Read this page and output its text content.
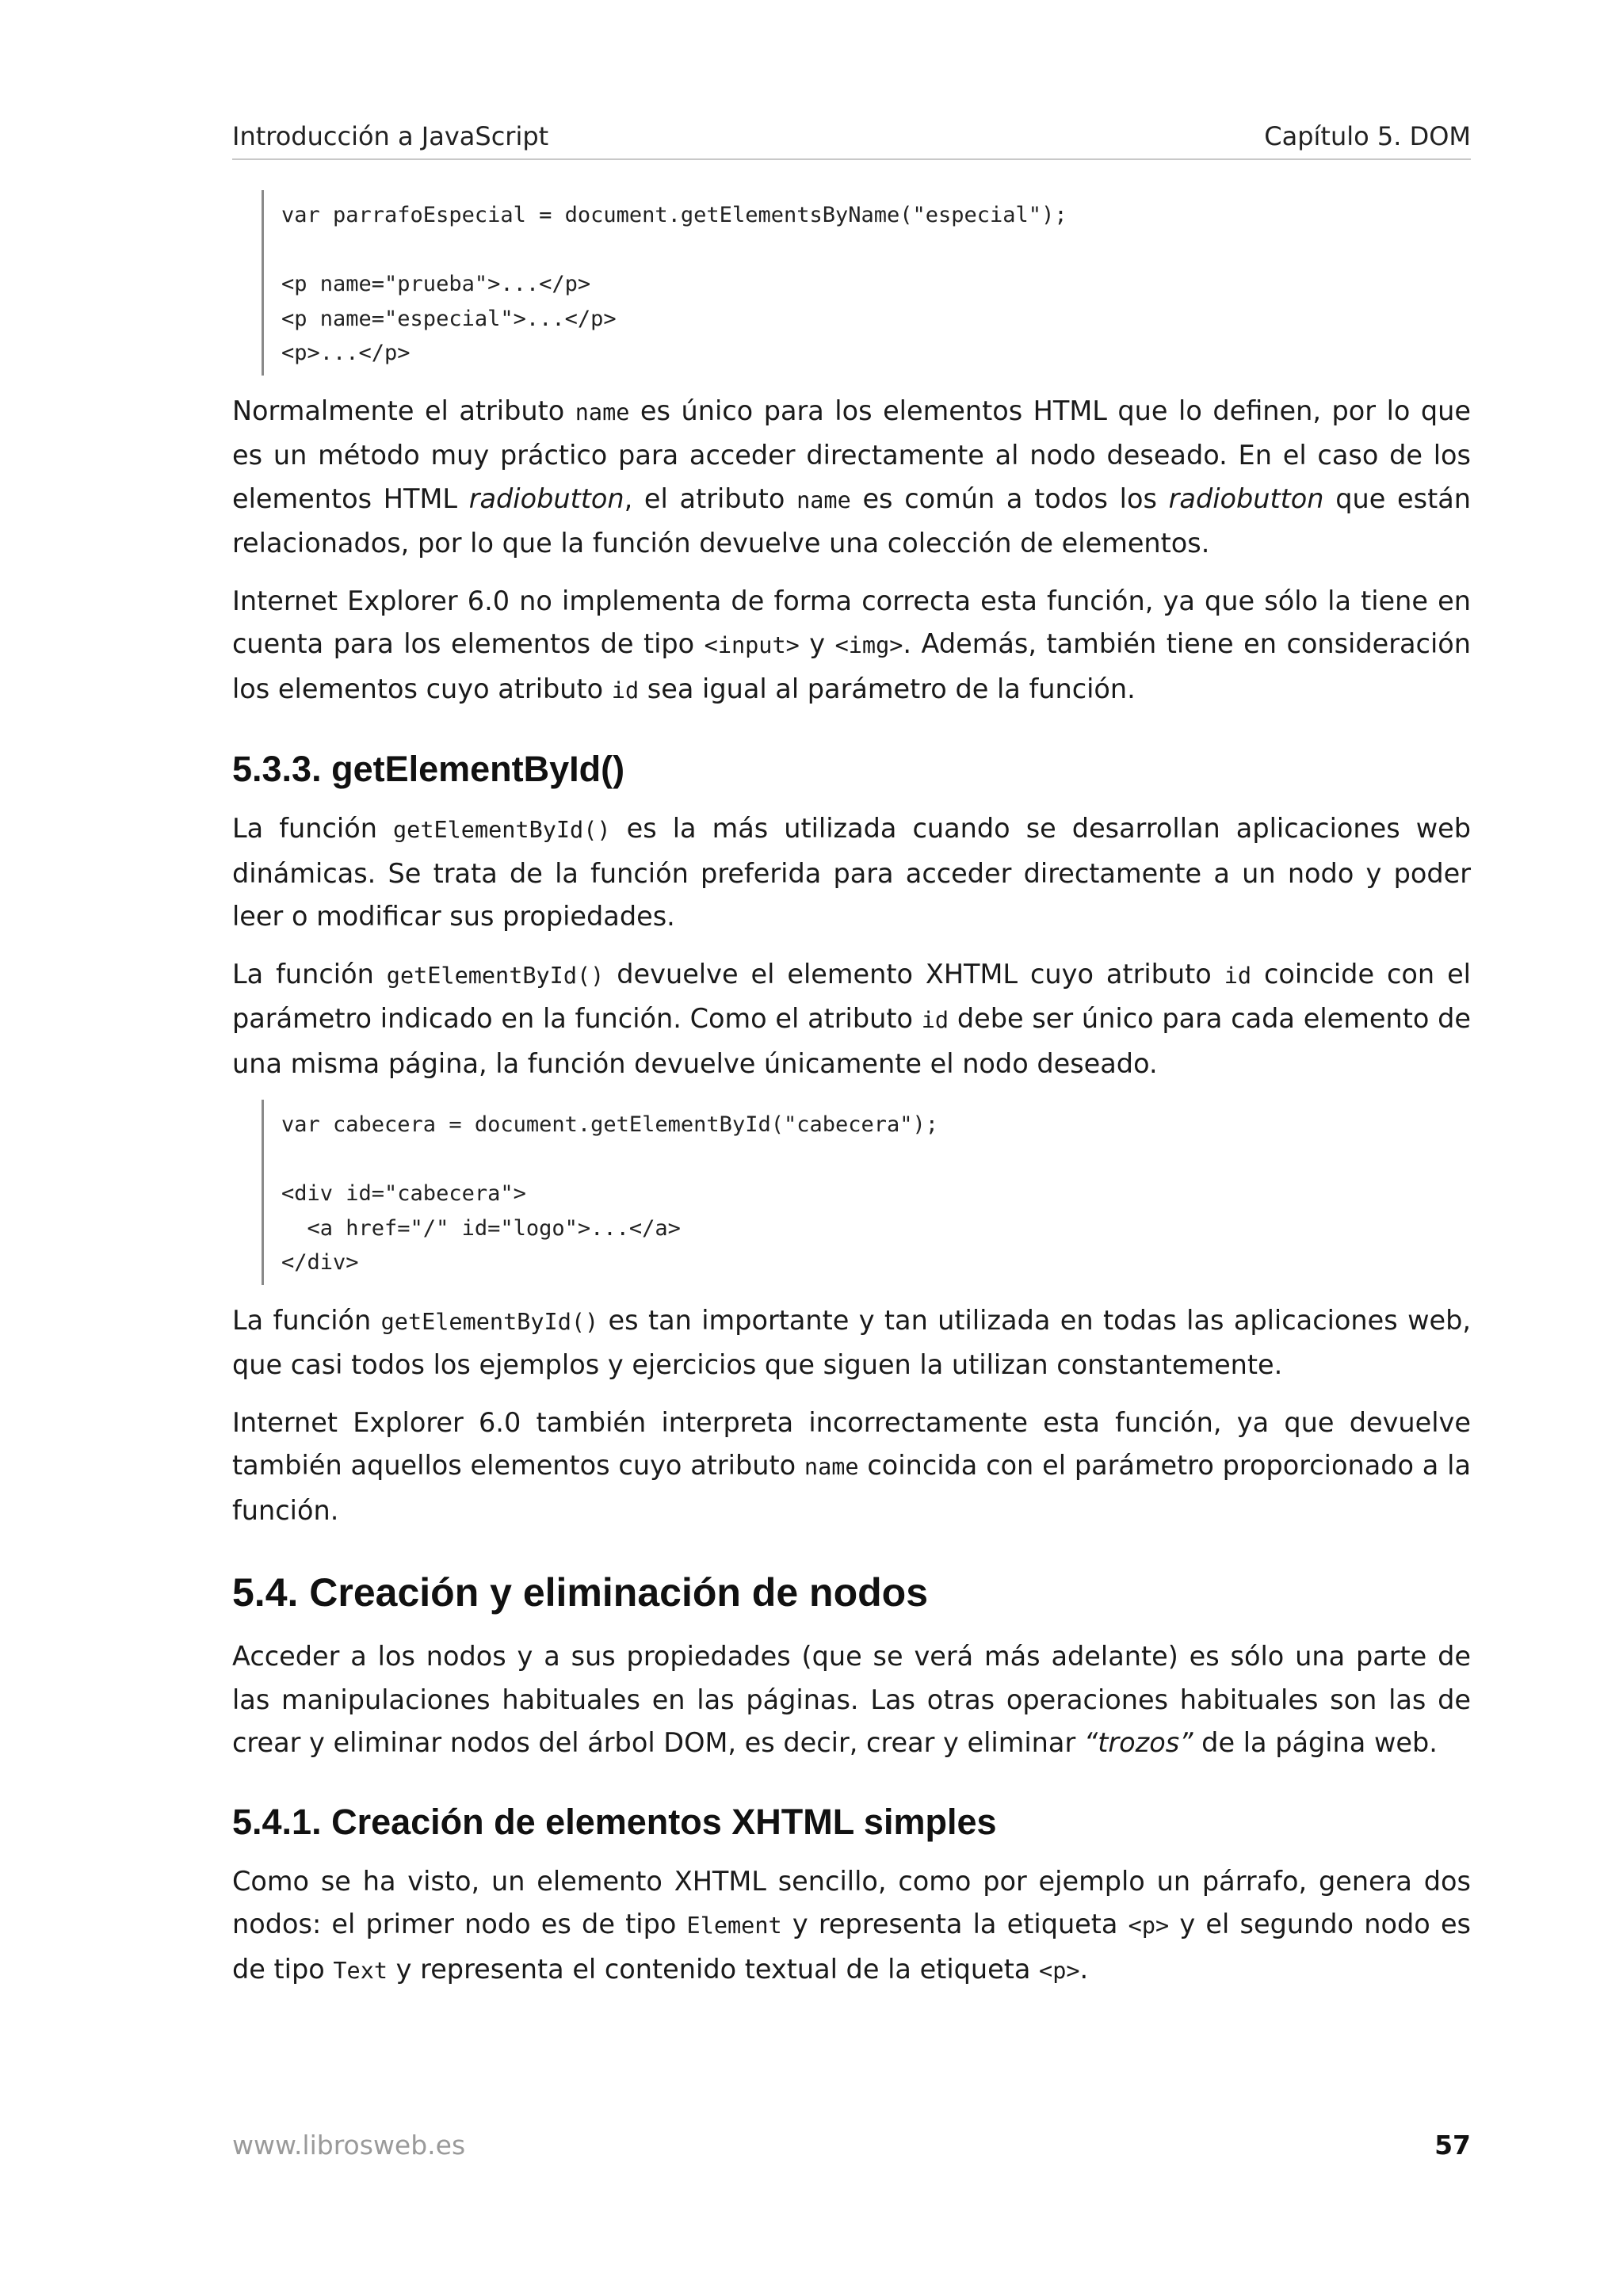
Introducción a JavaScript	Capítulo 5. DOM
var parrafoEspecial = document.getElementsByName("especial");

<p name="prueba">...</p>
<p name="especial">...</p>
<p>...</p>

Normalmente el atributo name es único para los elementos HTML que lo definen, por lo que es un método muy práctico para acceder directamente al nodo deseado. En el caso de los elementos HTML radiobutton, el atributo name es común a todos los radiobutton que están relacionados, por lo que la función devuelve una colección de elementos.

Internet Explorer 6.0 no implementa de forma correcta esta función, ya que sólo la tiene en cuenta para los elementos de tipo <input> y <img>. Además, también tiene en consideración los elementos cuyo atributo id sea igual al parámetro de la función.

5.3.3. getElementById()

La función getElementById() es la más utilizada cuando se desarrollan aplicaciones web dinámicas. Se trata de la función preferida para acceder directamente a un nodo y poder leer o modificar sus propiedades.

La función getElementById() devuelve el elemento XHTML cuyo atributo id coincide con el parámetro indicado en la función. Como el atributo id debe ser único para cada elemento de una misma página, la función devuelve únicamente el nodo deseado.

var cabecera = document.getElementById("cabecera");

<div id="cabecera">
<a href="/" id="logo">...</a>
</div>

La función getElementById() es tan importante y tan utilizada en todas las aplicaciones web, que casi todos los ejemplos y ejercicios que siguen la utilizan constantemente.

Internet Explorer 6.0 también interpreta incorrectamente esta función, ya que devuelve también aquellos elementos cuyo atributo name coincida con el parámetro proporcionado a la función.

5.4. Creación y eliminación de nodos

Acceder a los nodos y a sus propiedades (que se verá más adelante) es sólo una parte de las manipulaciones habituales en las páginas. Las otras operaciones habituales son las de crear y eliminar nodos del árbol DOM, es decir, crear y eliminar “trozos” de la página web.

5.4.1. Creación de elementos XHTML simples

Como se ha visto, un elemento XHTML sencillo, como por ejemplo un párrafo, genera dos nodos: el primer nodo es de tipo Element y representa la etiqueta <p> y el segundo nodo es de tipo Text y representa el contenido textual de la etiqueta <p>.

www.librosweb.es	57
